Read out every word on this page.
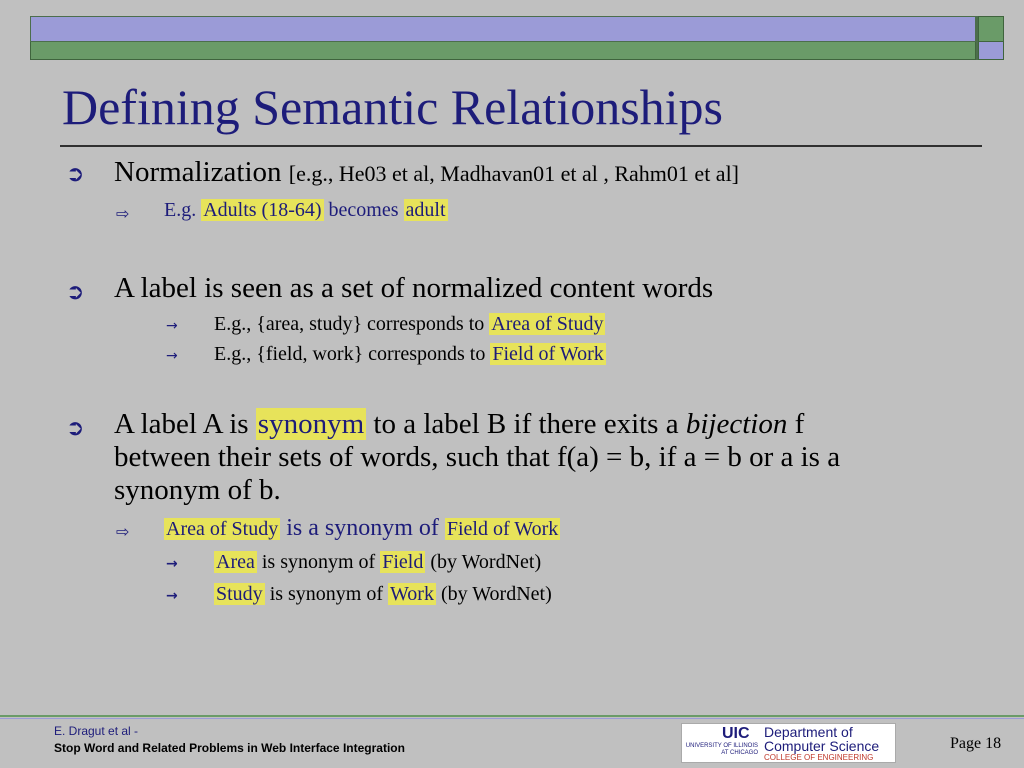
Defining Semantic Relationships
➲ Normalization [e.g., He03 et al, Madhavan01 et al , Rahm01 et al]
⇨ E.g. Adults (18-64) becomes adult
➲ A label is seen as a set of normalized content words
→ E.g., {area, study} corresponds to Area of Study
→ E.g., {field, work} corresponds to Field of Work
➲ A label A is synonym to a label B if there exits a bijection f
between their sets of words, such that f(a) = b, if a = b or a is a
synonym of b.
⇨ Area of Study is a synonym of Field of Work
→ Area is synonym of Field (by WordNet)
→ Study is synonym of Work (by WordNet)
E. Dragut et al -
Stop Word and Related Problems in Web Interface Integration
UIC
UNIVERSITY OF ILLINOIS AT CHICAGO
Department of Computer Science
COLLEGE OF ENGINEERING
Page 18
